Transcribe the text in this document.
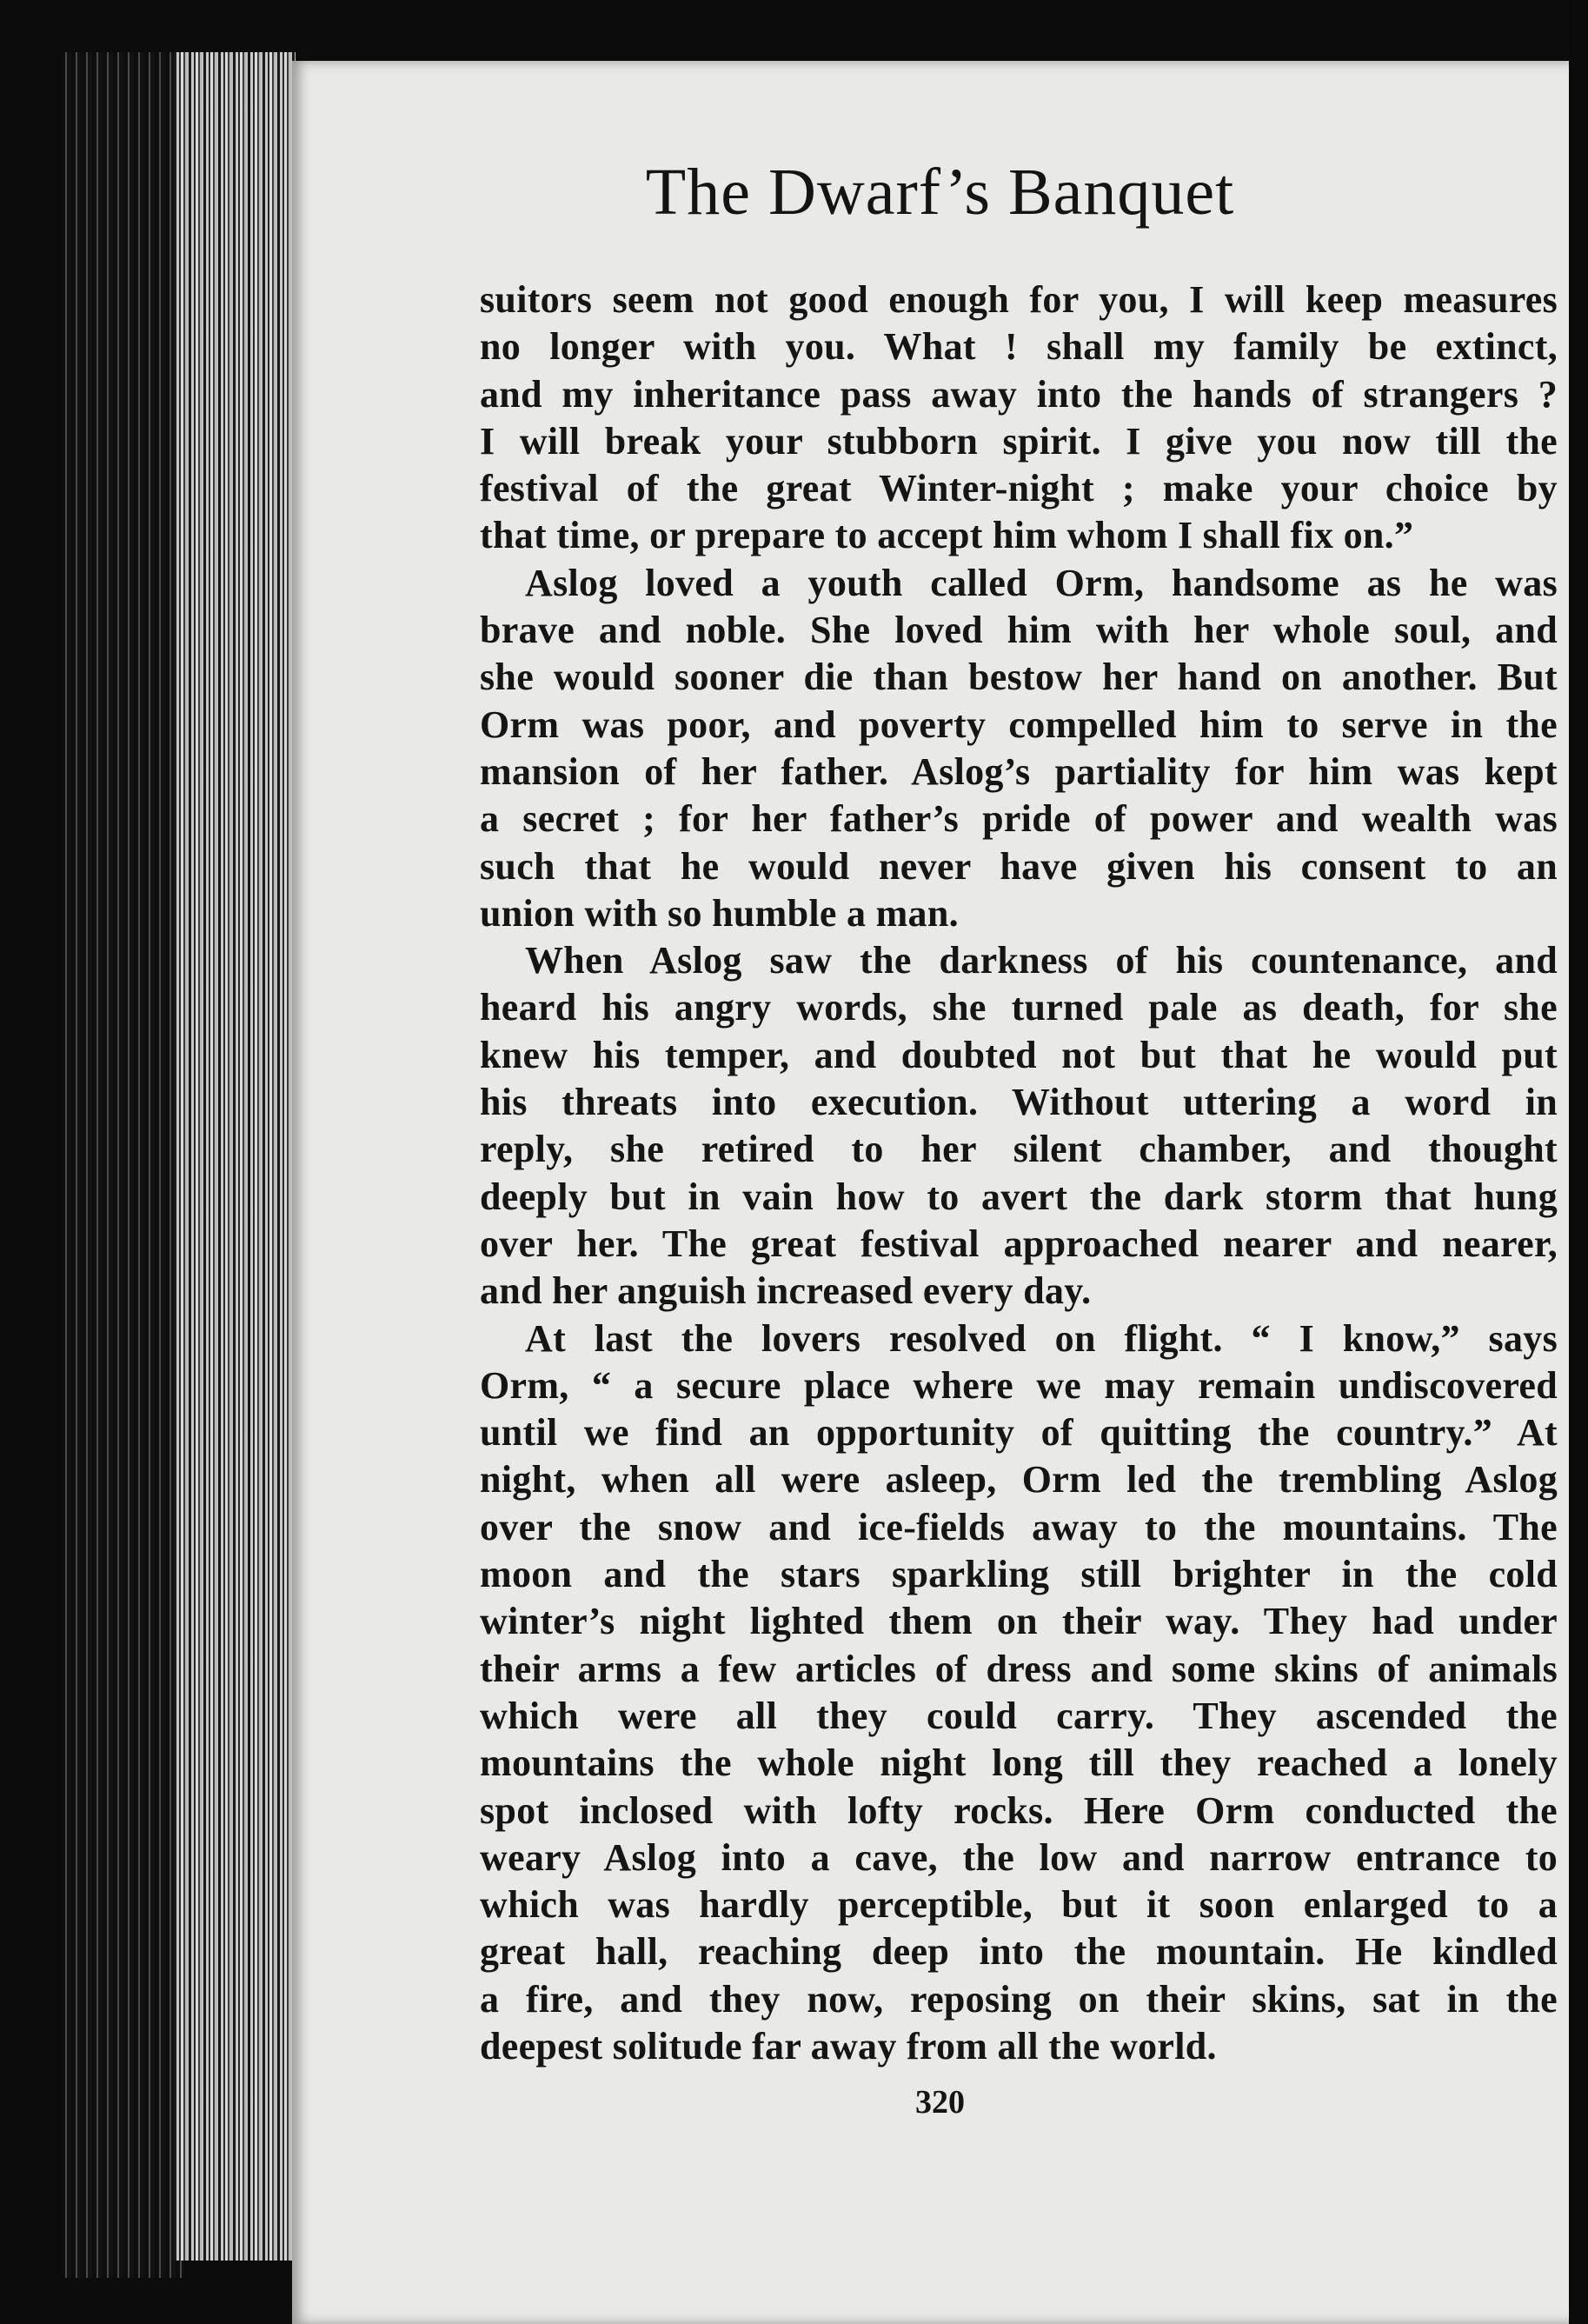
The Dwarf’s Banquet
suitors seem not good enough for you, I will keep measures
no longer with you. What ! shall my family be extinct,
and my inheritance pass away into the hands of strangers ?
I will break your stubborn spirit. I give you now till the
festival of the great Winter-night ; make your choice by
that time, or prepare to accept him whom I shall fix on.”
Aslog loved a youth called Orm, handsome as he was
brave and noble. She loved him with her whole soul, and
she would sooner die than bestow her hand on another. But
Orm was poor, and poverty compelled him to serve in the
mansion of her father. Aslog’s partiality for him was kept
a secret ; for her father’s pride of power and wealth was
such that he would never have given his consent to an
union with so humble a man.
When Aslog saw the darkness of his countenance, and
heard his angry words, she turned pale as death, for she
knew his temper, and doubted not but that he would put
his threats into execution. Without uttering a word in
reply, she retired to her silent chamber, and thought
deeply but in vain how to avert the dark storm that hung
over her. The great festival approached nearer and nearer,
and her anguish increased every day.
At last the lovers resolved on flight. “ I know,” says
Orm, “ a secure place where we may remain undiscovered
until we find an opportunity of quitting the country.” At
night, when all were asleep, Orm led the trembling Aslog
over the snow and ice-fields away to the mountains. The
moon and the stars sparkling still brighter in the cold
winter’s night lighted them on their way. They had under
their arms a few articles of dress and some skins of animals
which were all they could carry. They ascended the
mountains the whole night long till they reached a lonely
spot inclosed with lofty rocks. Here Orm conducted the
weary Aslog into a cave, the low and narrow entrance to
which was hardly perceptible, but it soon enlarged to a
great hall, reaching deep into the mountain. He kindled
a fire, and they now, reposing on their skins, sat in the
deepest solitude far away from all the world.
320
